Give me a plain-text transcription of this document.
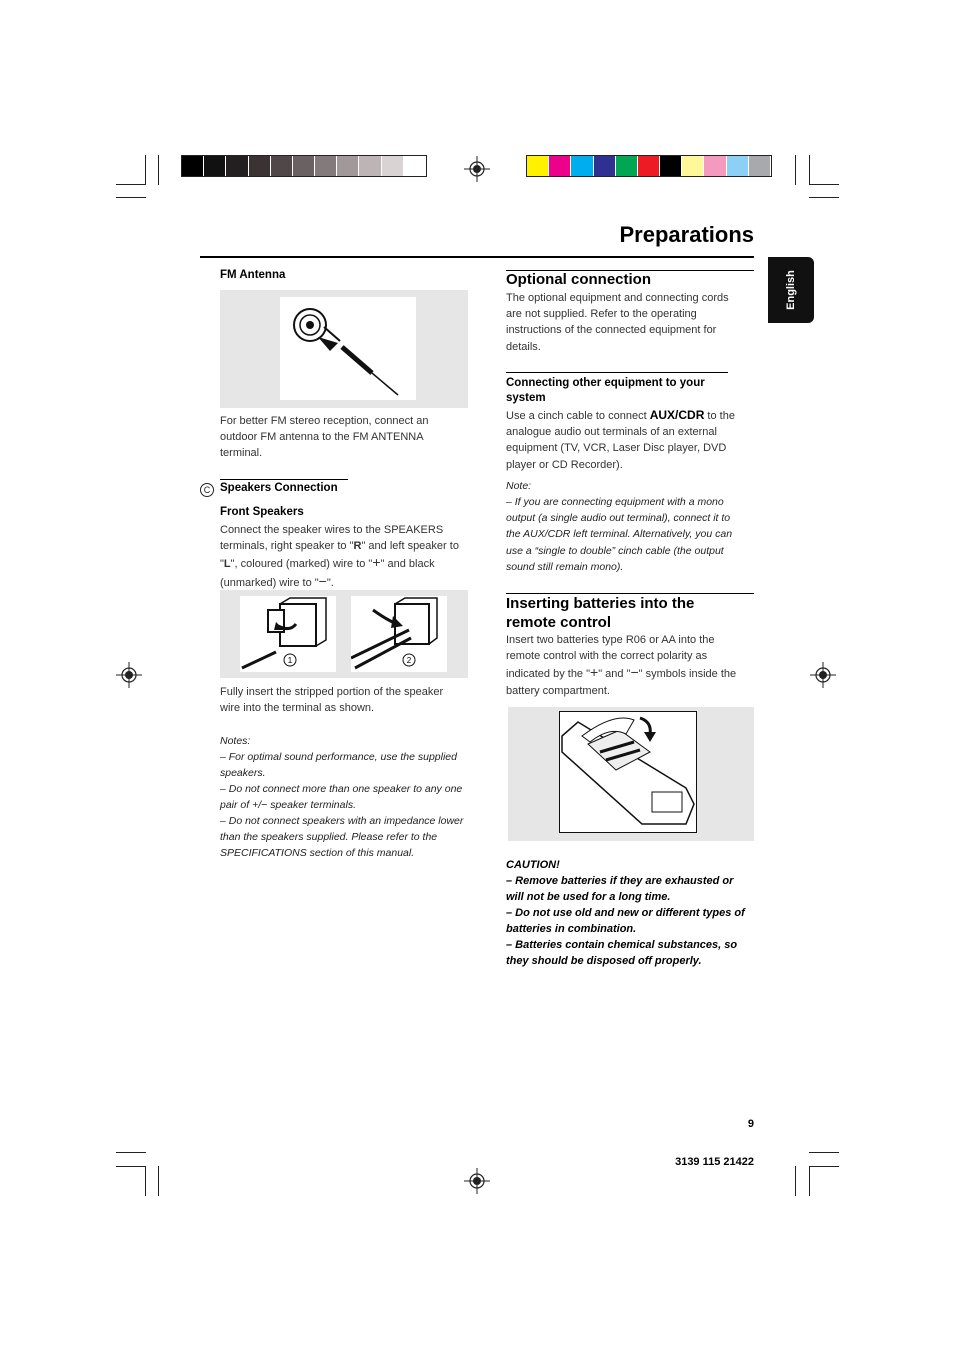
Preparations
English
FM Antenna
For better FM stereo reception, connect an outdoor FM antenna to the FM ANTENNA terminal.
C Speakers Connection
Front Speakers
Connect the speaker wires to the SPEAKERS terminals, right speaker to "R" and left speaker to "L", coloured (marked) wire to "+" and black (unmarked) wire to "−".
1	2
Fully insert the stripped portion of the speaker wire into the terminal as shown.
Notes:
– For optimal sound performance, use the supplied speakers.
– Do not connect more than one speaker to any one pair of +/− speaker terminals.
– Do not connect speakers with an impedance lower than the speakers supplied. Please refer to the SPECIFICATIONS section of this manual.
Optional connection
The optional equipment and connecting cords are not supplied. Refer to the operating instructions of the connected equipment for details.
Connecting other equipment to your system
Use a cinch cable to connect AUX/CDR to the analogue audio out terminals of an external equipment (TV, VCR, Laser Disc player, DVD player or CD Recorder).
Note:
– If you are connecting equipment with a mono output (a single audio out terminal), connect it to the AUX/CDR left terminal. Alternatively, you can use a “single to double” cinch cable (the output sound still remain mono).
Inserting batteries into the remote control
Insert two batteries type R06 or AA into the remote control with the correct polarity as indicated by the "+" and "−" symbols inside the battery compartment.
CAUTION!
– Remove batteries if they are exhausted or will not be used for a long time.
– Do not use old and new or different types of batteries in combination.
– Batteries contain chemical substances, so they should be disposed off properly.
9
3139 115 21422
